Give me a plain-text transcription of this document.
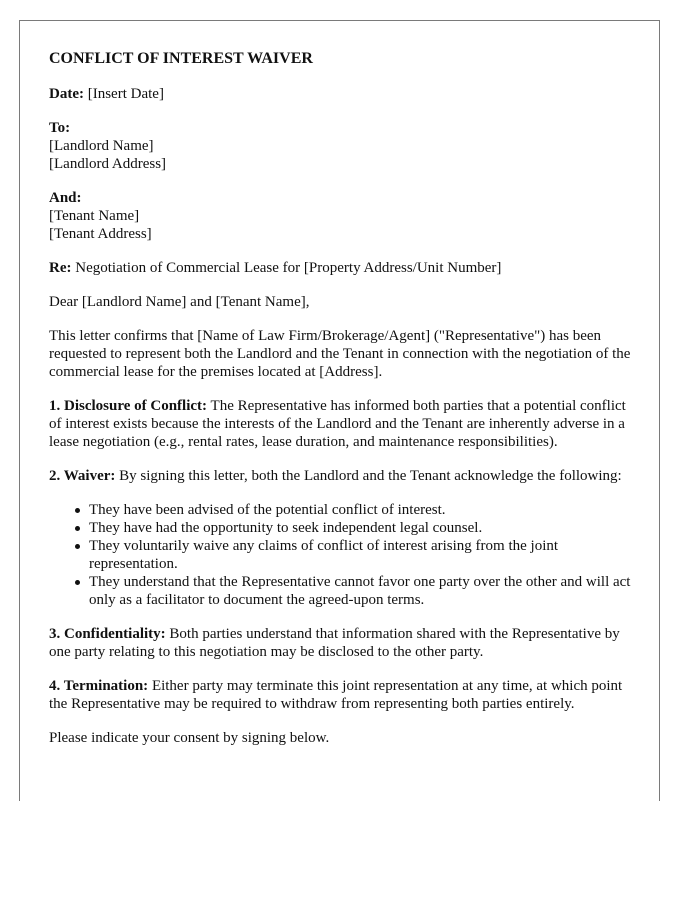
CONFLICT OF INTEREST WAIVER

Date: [Insert Date]

To:
[Landlord Name]
[Landlord Address]

And:
[Tenant Name]
[Tenant Address]

Re: Negotiation of Commercial Lease for [Property Address/Unit Number]

Dear [Landlord Name] and [Tenant Name],

This letter confirms that [Name of Law Firm/Brokerage/Agent] ("Representative") has been requested to represent both the Landlord and the Tenant in connection with the negotiation of the commercial lease for the premises located at [Address].

1. Disclosure of Conflict: The Representative has informed both parties that a potential conflict of interest exists because the interests of the Landlord and the Tenant are inherently adverse in a lease negotiation (e.g., rental rates, lease duration, and maintenance responsibilities).

2. Waiver: By signing this letter, both the Landlord and the Tenant acknowledge the following:

They have been advised of the potential conflict of interest.
They have had the opportunity to seek independent legal counsel.
They voluntarily waive any claims of conflict of interest arising from the joint representation.
They understand that the Representative cannot favor one party over the other and will act only as a facilitator to document the agreed-upon terms.

3. Confidentiality: Both parties understand that information shared with the Representative by one party relating to this negotiation may be disclosed to the other party.

4. Termination: Either party may terminate this joint representation at any time, at which point the Representative may be required to withdraw from representing both parties entirely.

Please indicate your consent by signing below.
